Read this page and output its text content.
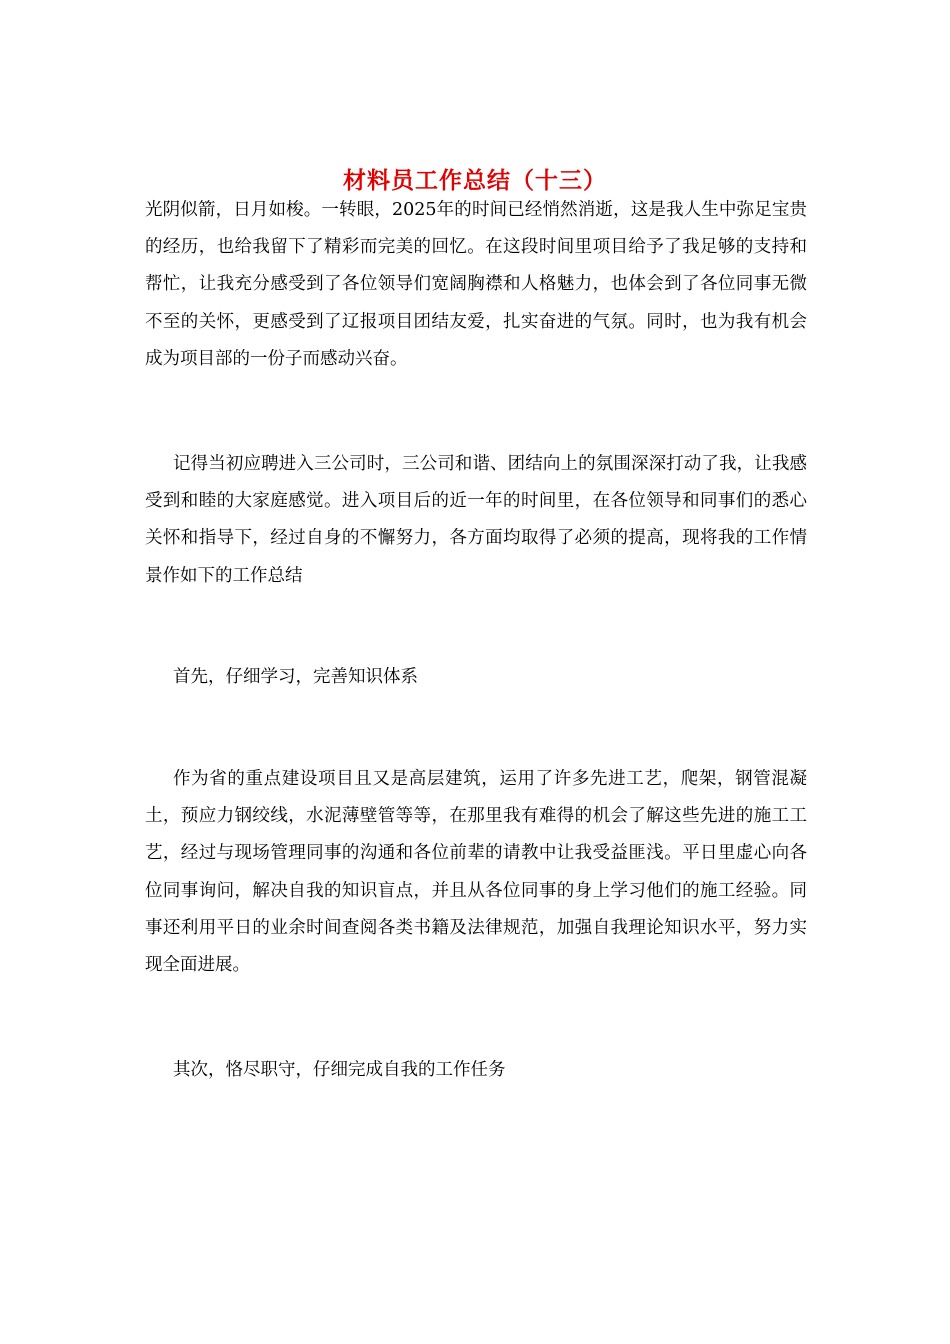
材料员工作总结（十三）

光阴似箭，日月如梭。一转眼，2025年的时间已经悄然消逝，这是我人生中弥足宝贵的经历，也给我留下了精彩而完美的回忆。在这段时间里项目给予了我足够的支持和帮忙，让我充分感受到了各位领导们宽阔胸襟和人格魅力，也体会到了各位同事无微不至的关怀，更感受到了辽报项目团结友爱，扎实奋进的气氛。同时，也为我有机会成为项目部的一份子而感动兴奋。

记得当初应聘进入三公司时，三公司和谐、团结向上的氛围深深打动了我，让我感受到和睦的大家庭感觉。进入项目后的近一年的时间里，在各位领导和同事们的悉心关怀和指导下，经过自身的不懈努力，各方面均取得了必须的提高，现将我的工作情景作如下的工作总结

首先，仔细学习，完善知识体系

作为省的重点建设项目且又是高层建筑，运用了许多先进工艺，爬架，钢管混凝土，预应力钢绞线，水泥薄壁管等等，在那里我有难得的机会了解这些先进的施工工艺，经过与现场管理同事的沟通和各位前辈的请教中让我受益匪浅。平日里虚心向各位同事询问，解决自我的知识盲点，并且从各位同事的身上学习他们的施工经验。同事还利用平日的业余时间查阅各类书籍及法律规范，加强自我理论知识水平，努力实现全面进展。

其次，恪尽职守，仔细完成自我的工作任务
